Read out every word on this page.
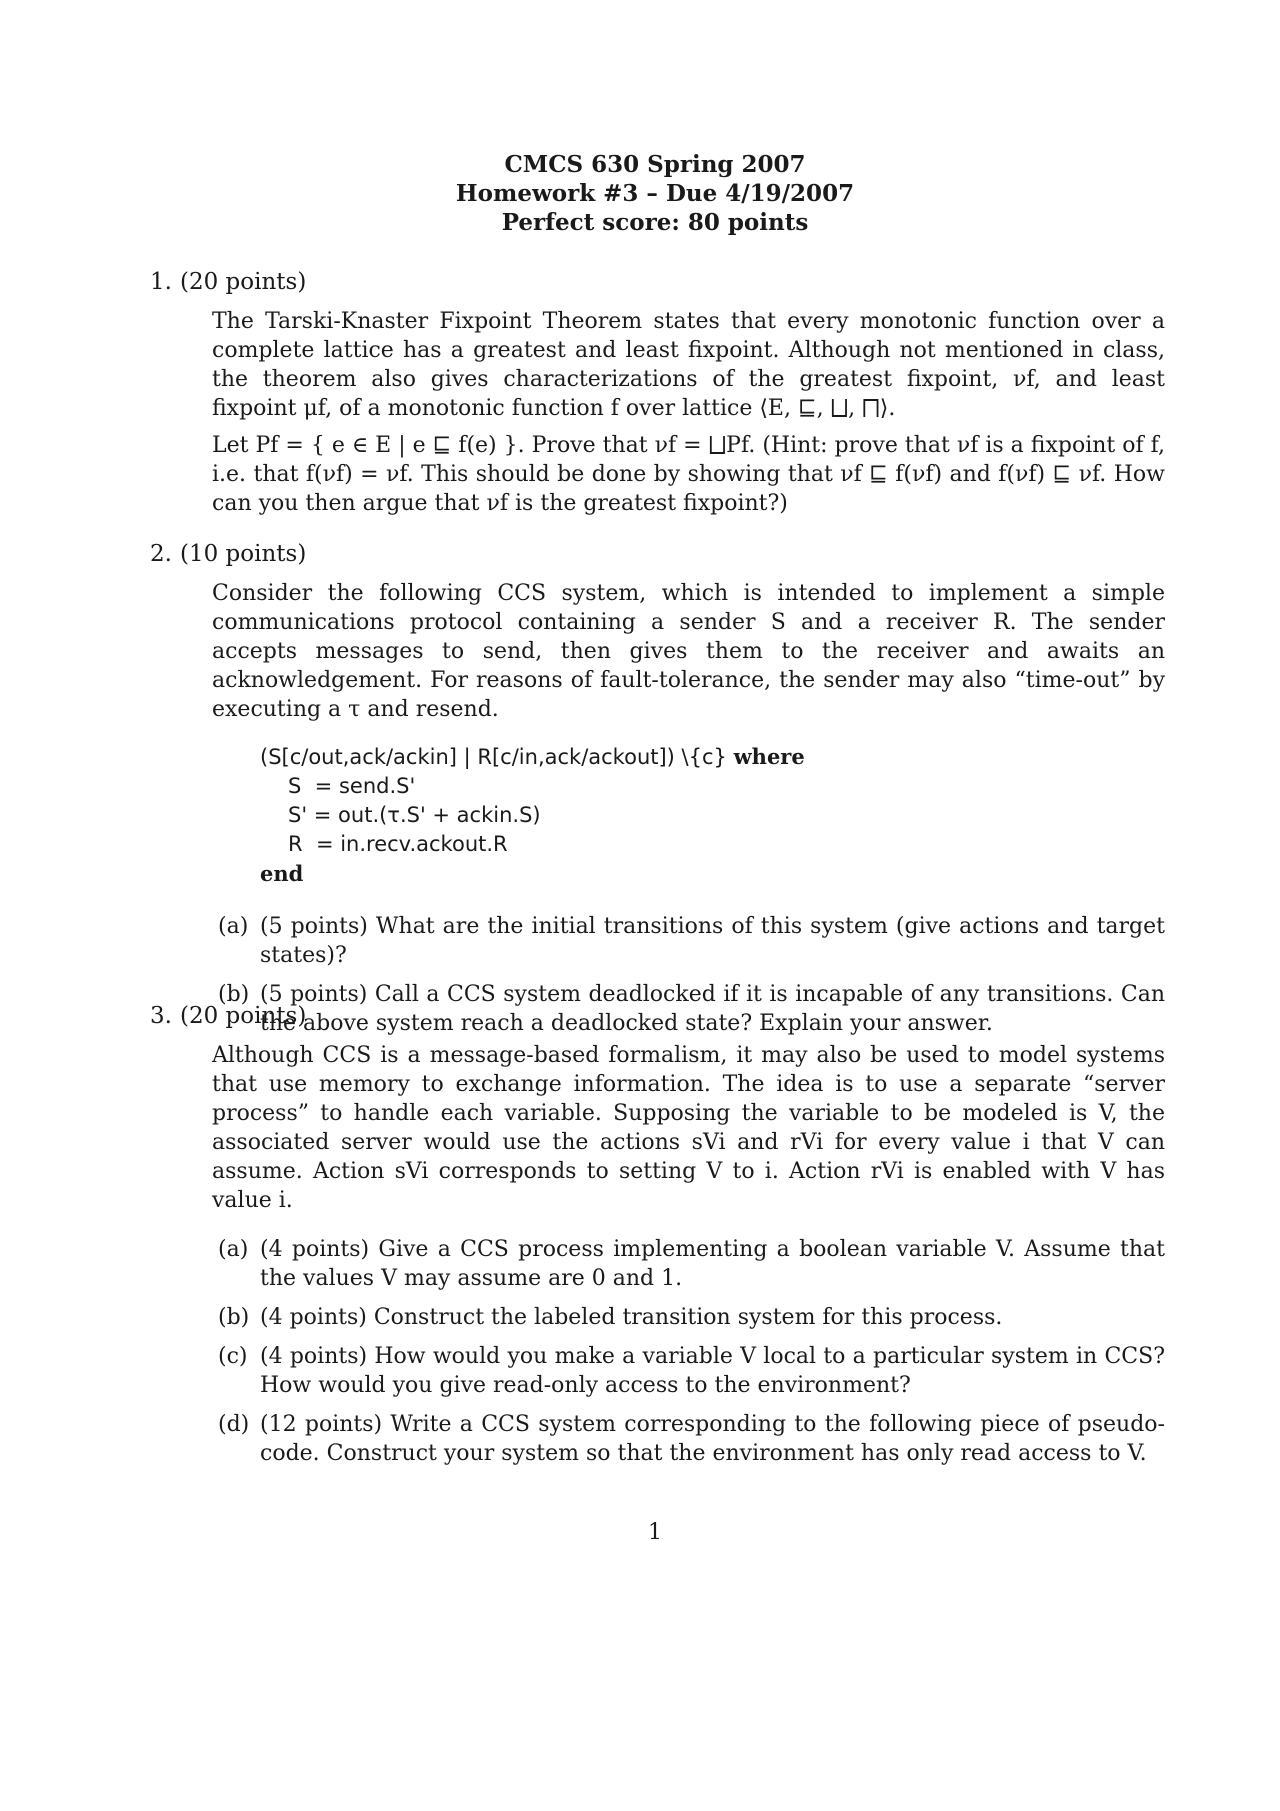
CMCS 630 Spring 2007
Homework #3 – Due 4/19/2007
Perfect score: 80 points
1. (20 points)
The Tarski-Knaster Fixpoint Theorem states that every monotonic function over a complete lattice has a greatest and least fixpoint. Although not mentioned in class, the theorem also gives characterizations of the greatest fixpoint, νf, and least fixpoint μf, of a monotonic function f over lattice ⟨E, ⊑, ⨆, ⨅⟩.
Let Pf = { e ∈ E | e ⊑ f(e) }. Prove that νf = ⨆Pf. (Hint: prove that νf is a fixpoint of f, i.e. that f(νf) = νf. This should be done by showing that νf ⊑ f(νf) and f(νf) ⊑ νf. How can you then argue that νf is the greatest fixpoint?)
2. (10 points)
Consider the following CCS system, which is intended to implement a simple communications protocol containing a sender S and a receiver R. The sender accepts messages to send, then gives them to the receiver and awaits an acknowledgement. For reasons of fault-tolerance, the sender may also “time-out” by executing a τ and resend.
(S[c/out,ack/ackin] | R[c/in,ack/ackout]) \{c} where
S  = send.S'
S' = out.(τ.S' + ackin.S)
R  = in.recv.ackout.R
end
(a) (5 points) What are the initial transitions of this system (give actions and target states)?
(b) (5 points) Call a CCS system deadlocked if it is incapable of any transitions. Can the above system reach a deadlocked state? Explain your answer.
3. (20 points)
Although CCS is a message-based formalism, it may also be used to model systems that use memory to exchange information. The idea is to use a separate “server process” to handle each variable. Supposing the variable to be modeled is V, the associated server would use the actions sVi and rVi for every value i that V can assume. Action sVi corresponds to setting V to i. Action rVi is enabled with V has value i.
(a) (4 points) Give a CCS process implementing a boolean variable V. Assume that the values V may assume are 0 and 1.
(b) (4 points) Construct the labeled transition system for this process.
(c) (4 points) How would you make a variable V local to a particular system in CCS? How would you give read-only access to the environment?
(d) (12 points) Write a CCS system corresponding to the following piece of pseudo-code. Construct your system so that the environment has only read access to V.
1
